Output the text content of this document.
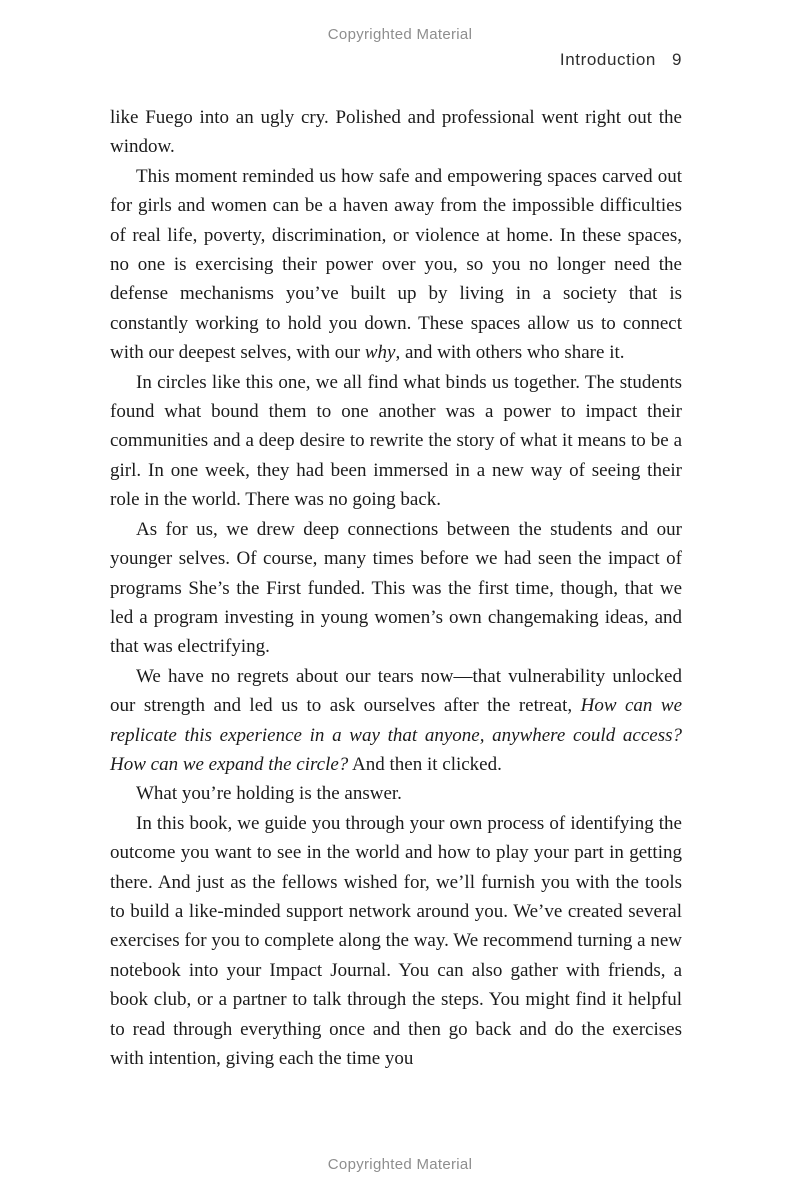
Copyrighted Material
Introduction 9

like Fuego into an ugly cry. Polished and professional went right out the window.

This moment reminded us how safe and empowering spaces carved out for girls and women can be a haven away from the impossible difficulties of real life, poverty, discrimination, or violence at home. In these spaces, no one is exercising their power over you, so you no longer need the defense mechanisms you’ve built up by living in a society that is constantly working to hold you down. These spaces allow us to connect with our deepest selves, with our why, and with others who share it.

In circles like this one, we all find what binds us together. The students found what bound them to one another was a power to impact their communities and a deep desire to rewrite the story of what it means to be a girl. In one week, they had been immersed in a new way of seeing their role in the world. There was no going back.

As for us, we drew deep connections between the students and our younger selves. Of course, many times before we had seen the impact of programs She’s the First funded. This was the first time, though, that we led a program investing in young women’s own changemaking ideas, and that was electrifying.

We have no regrets about our tears now—that vulnerability unlocked our strength and led us to ask ourselves after the retreat, How can we replicate this experience in a way that anyone, anywhere could access? How can we expand the circle? And then it clicked.

What you’re holding is the answer.

In this book, we guide you through your own process of identifying the outcome you want to see in the world and how to play your part in getting there. And just as the fellows wished for, we’ll furnish you with the tools to build a like-minded support network around you. We’ve created several exercises for you to complete along the way. We recommend turning a new notebook into your Impact Journal. You can also gather with friends, a book club, or a partner to talk through the steps. You might find it helpful to read through everything once and then go back and do the exercises with intention, giving each the time you

Copyrighted Material
